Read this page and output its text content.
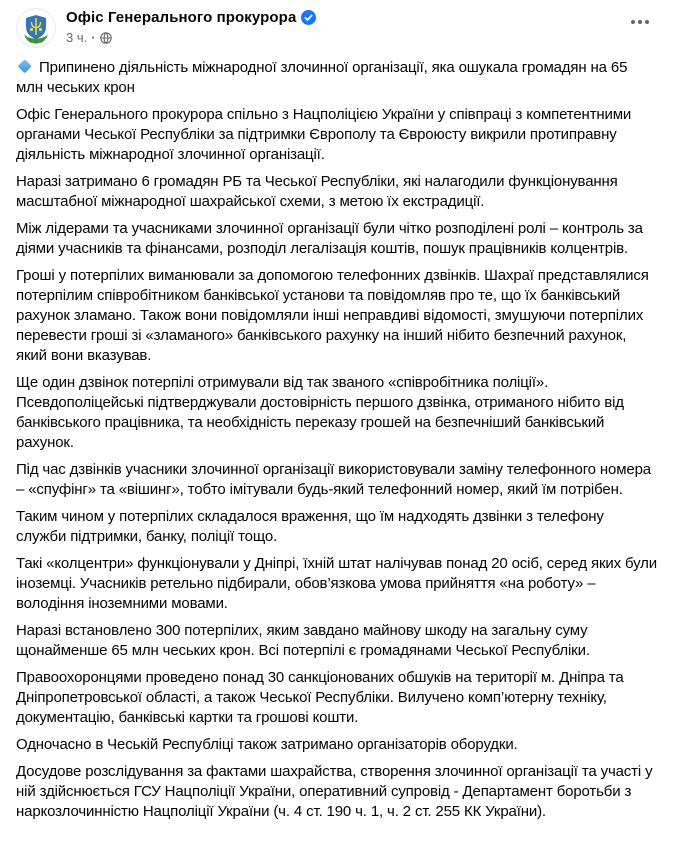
Офіс Генерального прокурора
3 ч. ·

Припинено діяльність міжнародної злочинної організації, яка ошукала громадян на 65 млн чеських крон

Офіс Генерального прокурора спільно з Нацполіцією України у співпраці з компетентними органами Чеської Республіки за підтримки Європолу та Євроюсту викрили протиправну діяльність міжнародної злочинної організації.

Наразі затримано 6 громадян РБ та Чеської Республіки, які налагодили функціонування масштабної міжнародної шахрайської схеми, з метою їх екстрадиції.

Між лідерами та учасниками злочинної організації були чітко розподілені ролі – контроль за діями учасників та фінансами, розподіл легалізація коштів, пошук працівників колцентрів.

Гроші у потерпілих виманювали за допомогою телефонних дзвінків. Шахраї представлялися потерпілим співробітником банківської установи та повідомляв про те, що їх банківський рахунок зламано. Також вони повідомляли інші неправдиві відомості, змушуючи потерпілих перевести гроші зі «зламаного» банківського рахунку на інший нібито безпечний рахунок, який вони вказував.

Ще один дзвінок потерпілі отримували від так званого «співробітника поліції». Псевдополіцейські підтверджували достовірність першого дзвінка, отриманого нібито від банківського працівника, та необхідність переказу грошей на безпечніший банківський рахунок.

Під час дзвінків учасники злочинної організації використовували заміну телефонного номера – «спуфінг» та «вішинг», тобто імітували будь-який телефонний номер, який їм потрібен.

Таким чином у потерпілих складалося враження, що їм надходять дзвінки з телефону служби підтримки, банку, поліції тощо.

Такі «колцентри» функціонували у Дніпрі, їхній штат налічував понад 20 осіб, серед яких були іноземці. Учасників ретельно підбирали, обов’язкова умова прийняття «на роботу» – володіння іноземними мовами.

Наразі встановлено 300 потерпілих, яким завдано майнову шкоду на загальну суму щонайменше 65 млн чеських крон. Всі потерпілі є громадянами Чеської Республіки.

Правоохоронцями проведено понад 30 санкціонованих обшуків на території м. Дніпра та Дніпропетровської області, а також Чеської Республіки. Вилучено комп’ютерну техніку, документацію, банківські картки та грошові кошти.

Одночасно в Чеській Республіці також затримано організаторів оборудки.

Досудове розслідування за фактами шахрайства, створення злочинної організації та участі у ній здійснюється ГСУ Нацполіції України, оперативний супровід - Департамент боротьби з наркозлочинністю Нацполіції України (ч. 4 ст. 190 ч. 1, ч. 2 ст. 255 КК України).
